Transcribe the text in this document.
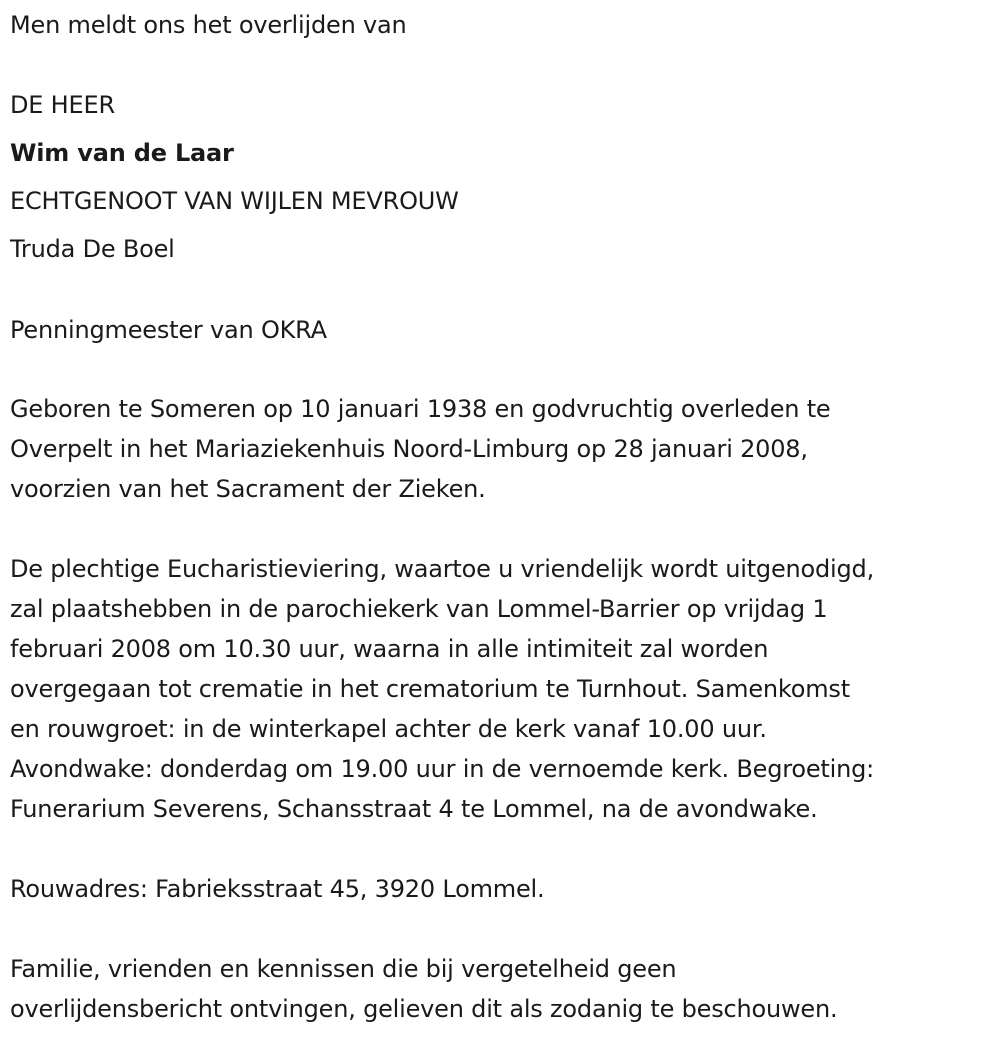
Men meldt ons het overlijden van
DE HEER
Wim van de Laar
ECHTGENOOT VAN WIJLEN MEVROUW
Truda De Boel
Penningmeester van OKRA
Geboren te Someren op 10 januari 1938 en godvruchtig overleden te
Overpelt in het Mariaziekenhuis Noord-Limburg op 28 januari 2008,
voorzien van het Sacrament der Zieken.
De plechtige Eucharistieviering, waartoe u vriendelijk wordt uitgenodigd,
zal plaatshebben in de parochiekerk van Lommel-Barrier op vrijdag 1
februari 2008 om 10.30 uur, waarna in alle intimiteit zal worden
overgegaan tot crematie in het crematorium te Turnhout. Samenkomst
en rouwgroet: in de winterkapel achter de kerk vanaf 10.00 uur.
Avondwake: donderdag om 19.00 uur in de vernoemde kerk. Begroeting:
Funerarium Severens, Schansstraat 4 te Lommel, na de avondwake.
Rouwadres: Fabrieksstraat 45, 3920 Lommel.
Familie, vrienden en kennissen die bij vergetelheid geen
overlijdensbericht ontvingen, gelieven dit als zodanig te beschouwen.
